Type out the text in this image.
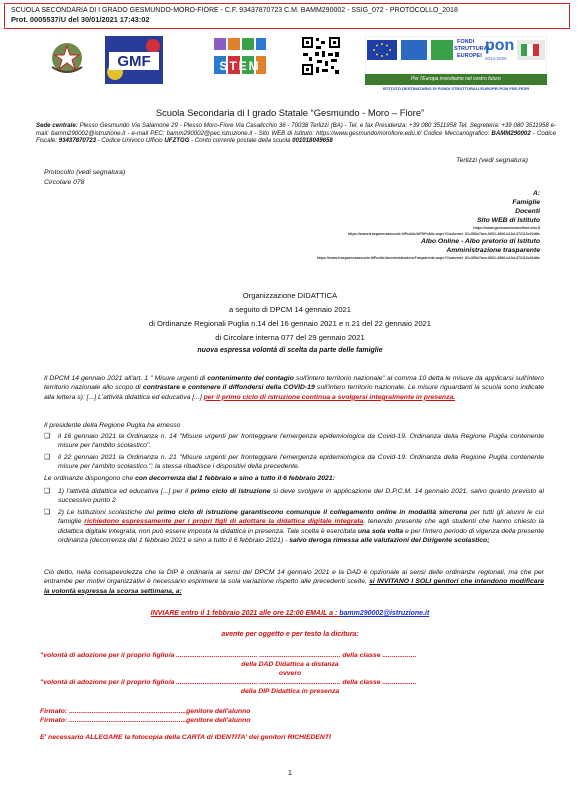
SCUOLA SECONDARIA DI I GRADO GESMUNDO-MORO-FIORE - C.F. 93437870723 C.M. BAMM290002 - SSIG_072 - PROTOCOLLO_2018
Prot. 0005537/U del 30/01/2021 17:43:02
GMF	STEM
FONDI
STRUTTURALI
EUROPEI
pon
2014-2020
Per l'Europa investiamo nel vostro futuro
ISTITUTO DESTINATARIO DI FONDI STRUTTURALI EUROPEI PON FSE-FESR
Scuola Secondaria di I grado Statale “Gesmundo - Moro – Fiore”
Sede centrale: Plesso Gesmundo Via Salamone 29 - Plesso Moro-Fiore Via Casalicchio 36 - 70038 Terlizzi (BA) - Tel. e fax Presidenza: +39 080 3511958 Tel. Segreteria: +39 080 3511958 e-mail: bamm290002@istruzione.it - e-mail PEC: bamm290002@pec.istruzione.it - Sito WEB di Istituto: https://www.gesmundomorofiore.edu.it/ Codice Meccanografico: BAMM290002 - Codice Fiscale: 93437870723 - Codice Univoco Ufficio UFZTGG - Conto corrente postale della scuola 001018049658
Terlizzi (vedi segnatura)
Protocollo (vedi segnatura)
Circolare 078
A:
Famiglie
Docenti
Sito WEB di Istituto
https://www.gesmundomorofiore.edu.it
https://www.trasparenzascuole.it/Public/APDPublic.aspx?Customer_ID=350e7ace-0601-4966-b13d-372113c02d8c
Albo Online - Albo pretorio di Istituto
Amministrazione trasparente
https://www.trasparenzascuole.it/Public/AmministrazioneTrasparente.aspx?Customer_ID=350e7ace-0601-4966-b13d-372113c02d8c
Organizzazione DIDATTICA
a seguito di DPCM 14 gennaio 2021
di Ordinanze Regionali Puglia n.14 del 16 gennaio 2021 e n.21 del 22 gennaio 2021
di Circolare interna 077 del 29 gennaio 2021
nuova espressa volontà di scelta da parte delle famiglie
Il DPCM 14 gennaio 2021 all'art. 1 " Misure urgenti di contenimento del contagio sull'intero territorio nazionale" al comma 10 detta le misure da applicarsi sull'intero territorio nazionale allo scopo di contrastare e contenere il diffondersi della COVID-19 sull'intero territorio nazionale. Le misure riguardanti la scuola sono indicate alla lettera s): [...] L'attività didattica ed educativa [...] per il primo ciclo di istruzione continua a svolgersi integralmente in presenza.
Il presidente della Regione Puglia ha emesso
❑ il 16 gennaio 2021 la Ordinanza n. 14 "Misure urgenti per fronteggiare l'emergenza epidemiologica da Covid-19. Ordinanza della Regione Puglia contenente misure per l'ambito scolastico".
❑ il 22 gennaio 2021 la Ordinanza n. 21 "Misure urgenti per fronteggiare l'emergenza epidemiologica da Covid-19. Ordinanza della Regione Puglia contenente misure per l'ambito scolastico."; la stessa ribadisce i dispositivi della precedente.
Le ordinanze dispongono che con decorrenza dal 1 febbraio e sino a tutto il 6 febbraio 2021:
❑ 1) l'attività didattica ed educativa [...] per il primo ciclo di istruzione si deve svolgere in applicazione del D.P.C.M. 14 gennaio 2021, salvo quanto previsto al successivo punto 2
❑ 2) Le Istituzioni scolastiche del primo ciclo di istruzione garantiscono comunque il collegamento online in modalità sincrona per tutti gli alunni le cui famiglie richiedono espressamente per i propri figli di adottare la didattica digitale integrata, tenendo presente che agli studenti che hanno chiesto la didattica digitale integrata, non può essere imposta la didattica in presenza. Tale scelta è esercitata una sola volta e per l'intero periodo di vigenza della presente ordinanza (decorrenza dal 1 febbraio 2021 e sino a tutto il 6 febbraio 2021) - salvo deroga rimessa alle valutazioni del Dirigente scolastico;
Ciò detto, nella consapevolezza che la DIP è ordinaria ai sensi del DPCM 14 gennaio 2021 e la DAD è opzionale ai sensi delle ordinanze regionali, ma che per entrambe per motivi organizzativi è necessario esprimere la sola variazione rispetto alle precedenti scelte, si INVITANO I SOLI genitori che intendono modificare la volontà espressa la scorsa settimana, a:
INVIARE entro il 1 febbraio 2021 alle ore 12:00 EMAIL a : bamm290002@istruzione.it
avente per oggetto e per testo la dicitura:
"volontà di adozione per il proprio figlio/a ........................................... ........................................... della classe ..................
della DAD Didattica a distanza
ovvero
"volontà di adozione per il proprio figlio/a ........................................... ........................................... della classe ..................
della DIP Didattica in presenza
Firmato: ..............................................................genitore dell'alunno
Firmato: ..............................................................genitore dell'alunno
E' necessario ALLEGARE la fotocopia della CARTA di IDENTITA' dei genitori RICHIEDENTI
1
